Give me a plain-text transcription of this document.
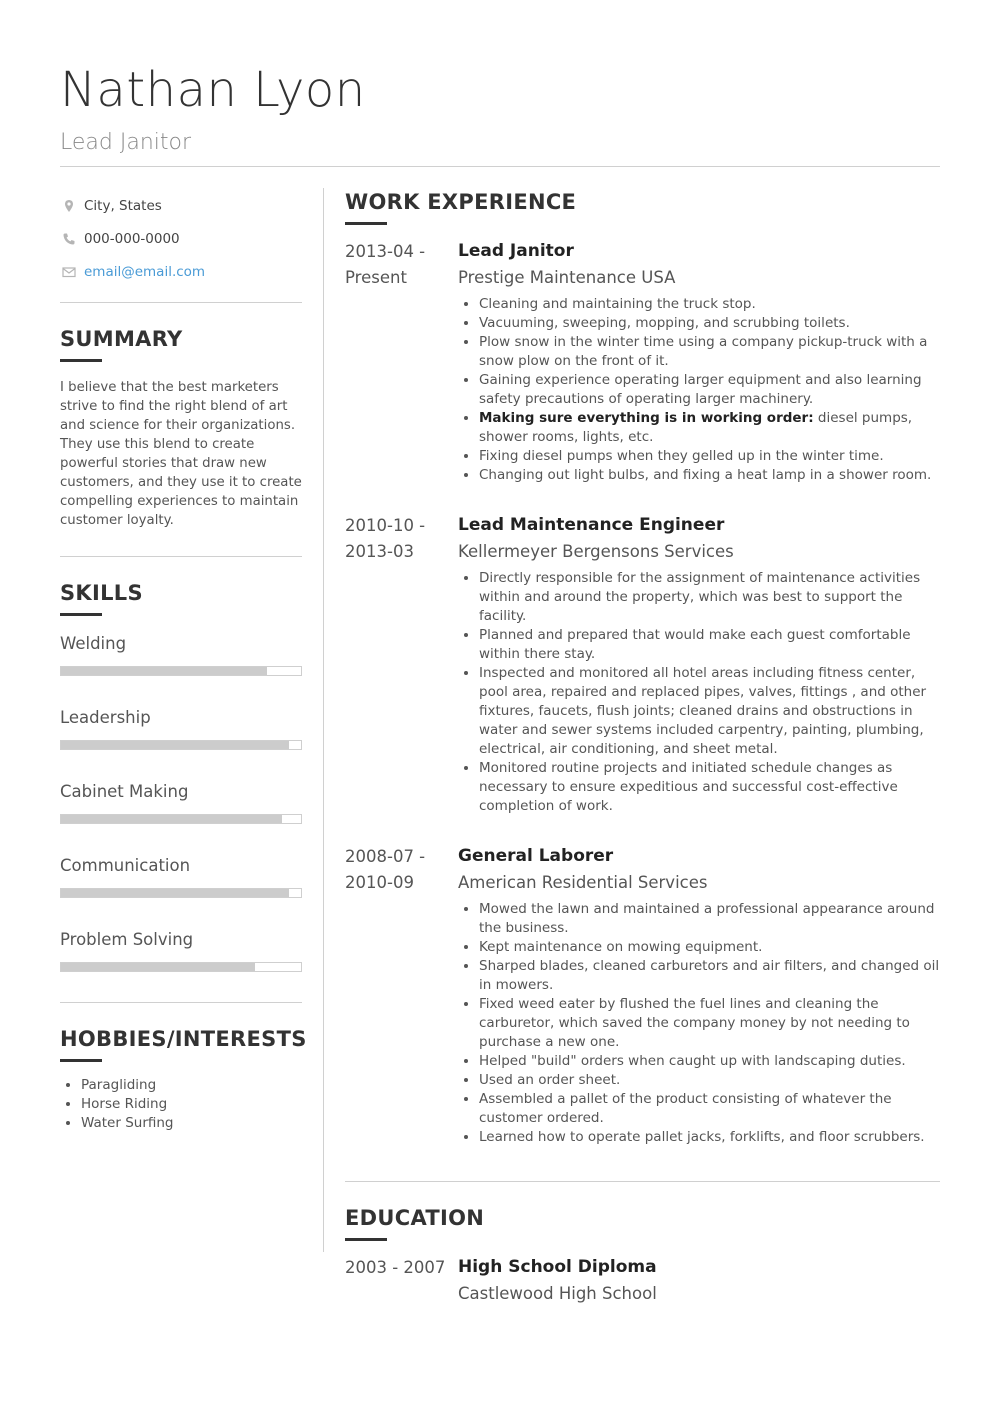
Nathan Lyon
Lead Janitor
City, States
000-000-0000
email@email.com
SUMMARY
I believe that the best marketers strive to find the right blend of art and science for their organizations. They use this blend to create powerful stories that draw new customers, and they use it to create compelling experiences to maintain customer loyalty.
SKILLS
Welding
Leadership
Cabinet Making
Communication
Problem Solving
HOBBIES/INTERESTS
• Paragliding
• Horse Riding
• Water Surfing
WORK EXPERIENCE
2013-04 -
Present
Lead Janitor
Prestige Maintenance USA
• Cleaning and maintaining the truck stop.
• Vacuuming, sweeping, mopping, and scrubbing toilets.
• Plow snow in the winter time using a company pickup-truck with a snow plow on the front of it.
• Gaining experience operating larger equipment and also learning safety precautions of operating larger machinery.
• Making sure everything is in working order: diesel pumps, shower rooms, lights, etc.
• Fixing diesel pumps when they gelled up in the winter time.
• Changing out light bulbs, and fixing a heat lamp in a shower room.
2010-10 -
2013-03
Lead Maintenance Engineer
Kellermeyer Bergensons Services
• Directly responsible for the assignment of maintenance activities within and around the property, which was best to support the facility.
• Planned and prepared that would make each guest comfortable within there stay.
• Inspected and monitored all hotel areas including fitness center, pool area, repaired and replaced pipes, valves, fittings , and other fixtures, faucets, flush joints; cleaned drains and obstructions in water and sewer systems included carpentry, painting, plumbing, electrical, air conditioning, and sheet metal.
• Monitored routine projects and initiated schedule changes as necessary to ensure expeditious and successful cost-effective completion of work.
2008-07 -
2010-09
General Laborer
American Residential Services
• Mowed the lawn and maintained a professional appearance around the business.
• Kept maintenance on mowing equipment.
• Sharped blades, cleaned carburetors and air filters, and changed oil in mowers.
• Fixed weed eater by flushed the fuel lines and cleaning the carburetor, which saved the company money by not needing to purchase a new one.
• Helped "build" orders when caught up with landscaping duties.
• Used an order sheet.
• Assembled a pallet of the product consisting of whatever the customer ordered.
• Learned how to operate pallet jacks, forklifts, and floor scrubbers.
EDUCATION
2003 - 2007 High School Diploma
Castlewood High School
